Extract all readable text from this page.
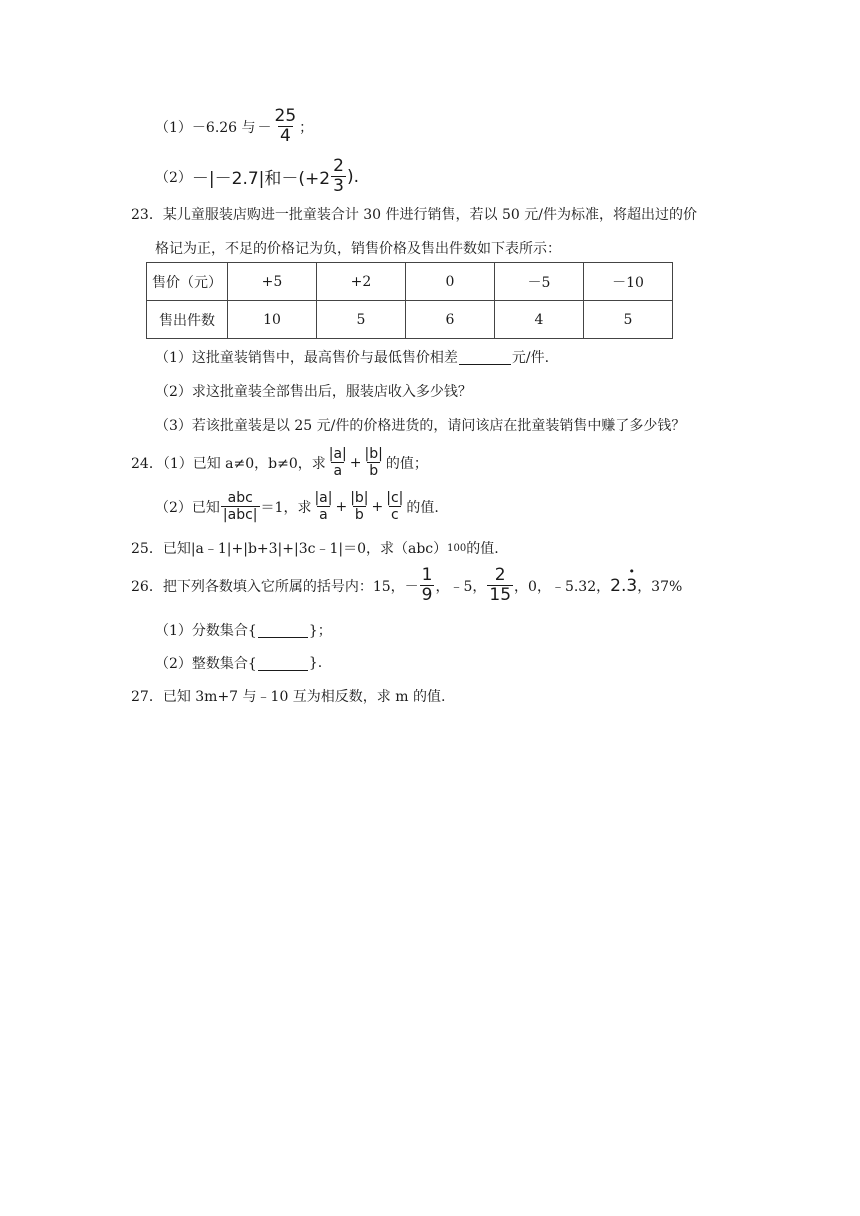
（1）－6.26 与 － $\frac{25}{4}$ ；
（2） －|－2.7|和$-(+2 \frac{2}{3}$ ).
23．某儿童服装店购进一批童装合计 30 件进行销售，若以 50 元/件为标准，将超出过的价
格记为正，不足的价格记为负，销售价格及售出件数如下表所示：
售价（元）	+5	+2	0	－5	－10
售出件数	10	5	6	4	5
（1）这批童装销售中，最高售价与最低售价相差	元/件.
（2）求这批童装全部售出后，服装店收入多少钱？
（3）若该批童装是以 25 元/件的价格进货的，请问该店在批童装销售中赚了多少钱？
24．（1）已知 a≠0，b≠0，求 $\frac{|a|}{a} + \frac{|b|}{b}$ 的值；
（2）已知 $\frac{\text{abc}}{\text{|abc|}} =1$，求 $\frac{|a|}{a} + \frac{|b|}{b} + \frac{|c|}{c}$ 的值.
25．已知|a﹣1|+|b+3|+|3c﹣1|＝0，求（abc） 100 的值.
26．把下列各数填入它所属的括号内：15， － $\frac{1}{9}$ ，﹣5， $\frac{2}{15}$ ，0，﹣5.32， 2.• 3 ，37%
（1）分数集合{	}；
（2）整数集合{	}.
27．已知 3m+7 与﹣10 互为相反数，求 m 的值.
